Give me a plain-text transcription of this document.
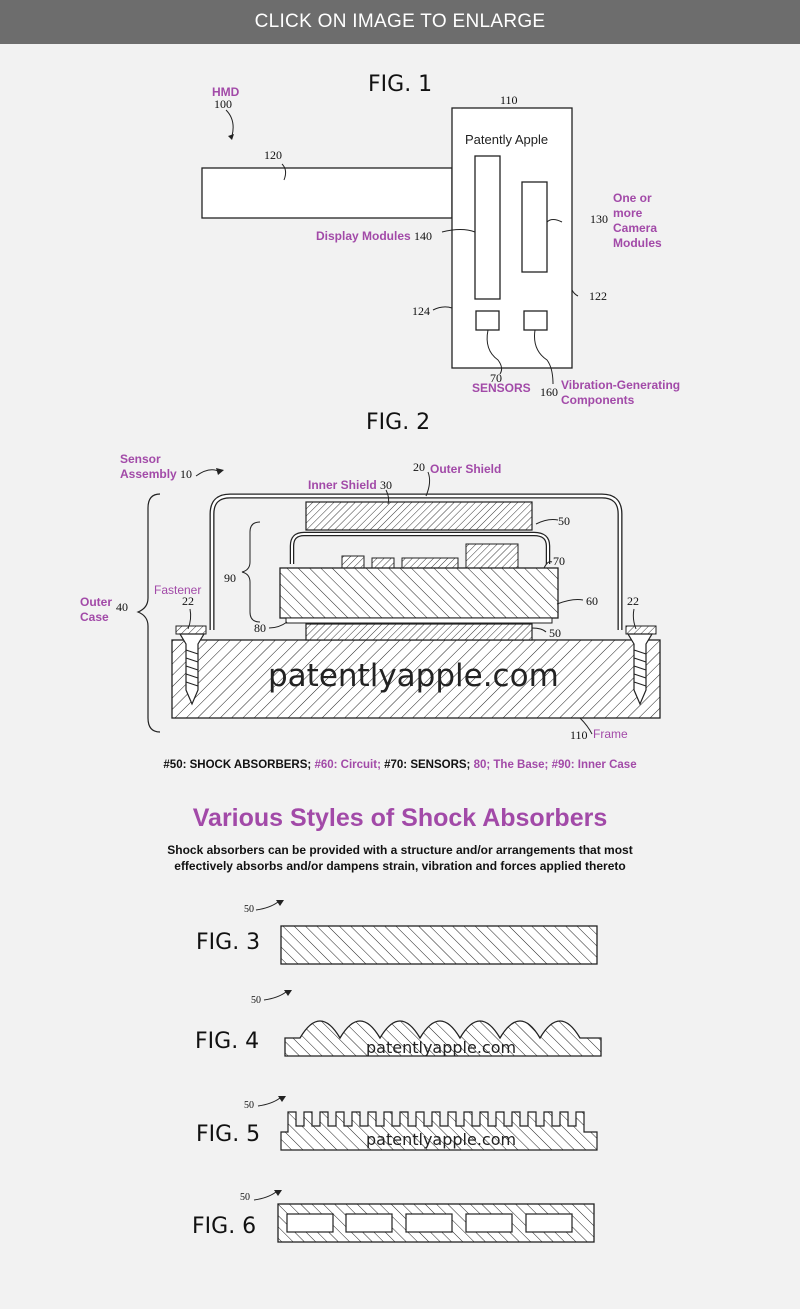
CLICK ON IMAGE TO ENLARGE
FIG. 1
HMD
100	110
120
Patently Apple
Display Modules 140
130
One or
more
Camera
Modules
122
124
70
SENSORS 160 Vibration-Generating
Components
FIG. 2
Sensor
Assembly 10	20 Outer Shield
Inner Shield 30
50
70
90
60
Outer
Case
40
Fastener
22	22
80	50
patentlyapple.com
110 Frame
#50: SHOCK ABSORBERS; #60: Circuit; #70: SENSORS; 80; The Base; #90: Inner Case
Various Styles of Shock Absorbers
Shock absorbers can be provided with a structure and/or arrangements that most
effectively absorbs and/or dampens strain, vibration and forces applied thereto
50
FIG. 3
50
FIG. 4	patentlyapple.com
50
FIG. 5	patentlyapple.com
50
FIG. 6
